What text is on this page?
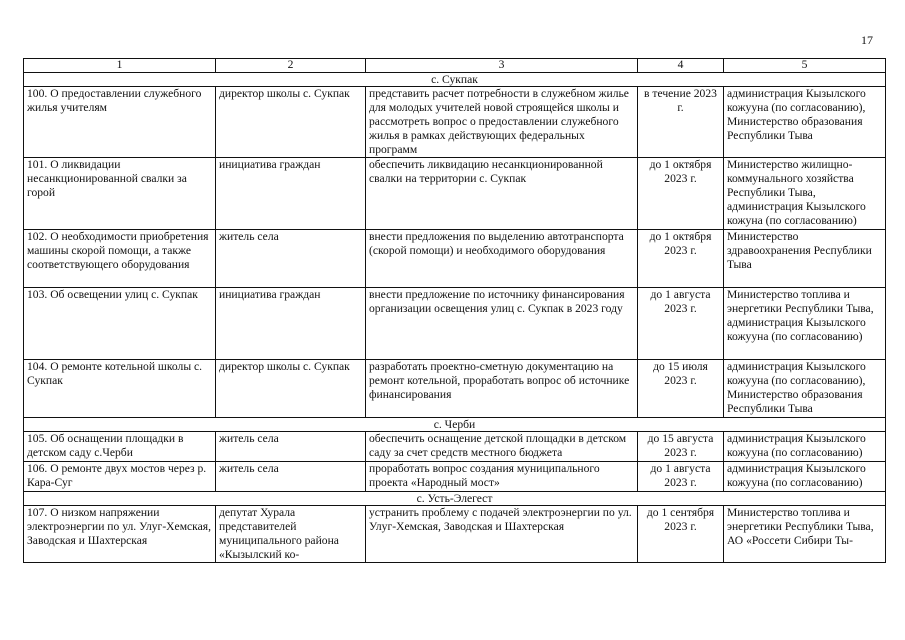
17
1	2	3	4	5
с. Сукпак				
100. О предоставлении служебного жилья учителям	директор школы с. Сукпак	представить расчет потребности в служебном жилье для молодых учителей новой строящейся школы и рассмотреть вопрос о предоставлении служебного жилья в рамках действующих федеральных программ	в течение 2023 г.	администрация Кызылского кожууна (по согласованию), Министерство образования Республики Тыва
101. О ликвидации несанкционированной свалки за горой	инициатива граждан	обеспечить ликвидацию несанкционированной свалки на территории с. Сукпак	до 1 октября 2023 г.	Министерство жилищно-коммунального хозяйства Республики Тыва, администрация Кызылского кожуна (по согласованию)
102. О необходимости приобретения машины скорой помощи, а также соответствующего оборудования	житель села	внести предложения по выделению автотранспорта (скорой помощи) и необходимого оборудования	до 1 октября 2023 г.	Министерство здравоохранения Республики Тыва
103. Об освещении улиц с. Сукпак	инициатива граждан	внести предложение по источнику финансирования организации освещения улиц с. Сукпак в 2023 году	до 1 августа 2023 г.	Министерство топлива и энергетики Республики Тыва, администрация Кызылского кожууна (по согласованию)
104. О ремонте котельной школы с. Сукпак	директор школы с. Сукпак	разработать проектно-сметную документацию на ремонт котельной, проработать вопрос об источнике финансирования	до 15 июля 2023 г.	администрация Кызылского кожууна (по согласованию), Министерство образования Республики Тыва
с. Черби				
105. Об оснащении площадки в детском саду с.Черби	житель села	обеспечить оснащение детской площадки в детском саду за счет средств местного бюджета	до 15 августа 2023 г.	администрация Кызылского кожууна (по согласованию)
106. О ремонте двух мостов через р. Кара-Суг	житель села	проработать вопрос создания муниципального проекта «Народный мост»	до 1 августа 2023 г.	администрация Кызылского кожууна (по согласованию)
с. Усть-Элегест				
107. О низком напряжении электроэнергии по ул. Улуг-Хемская, Заводская и Шахтерская	депутат Хурала представителей муниципального района «Кызылский ко-	устранить проблему с подачей электроэнергии по ул. Улуг-Хемская, Заводская и Шахтерская	до 1 сентября 2023 г.	Министерство топлива и энергетики Республики Тыва, АО «Россети Сибири Ты-
